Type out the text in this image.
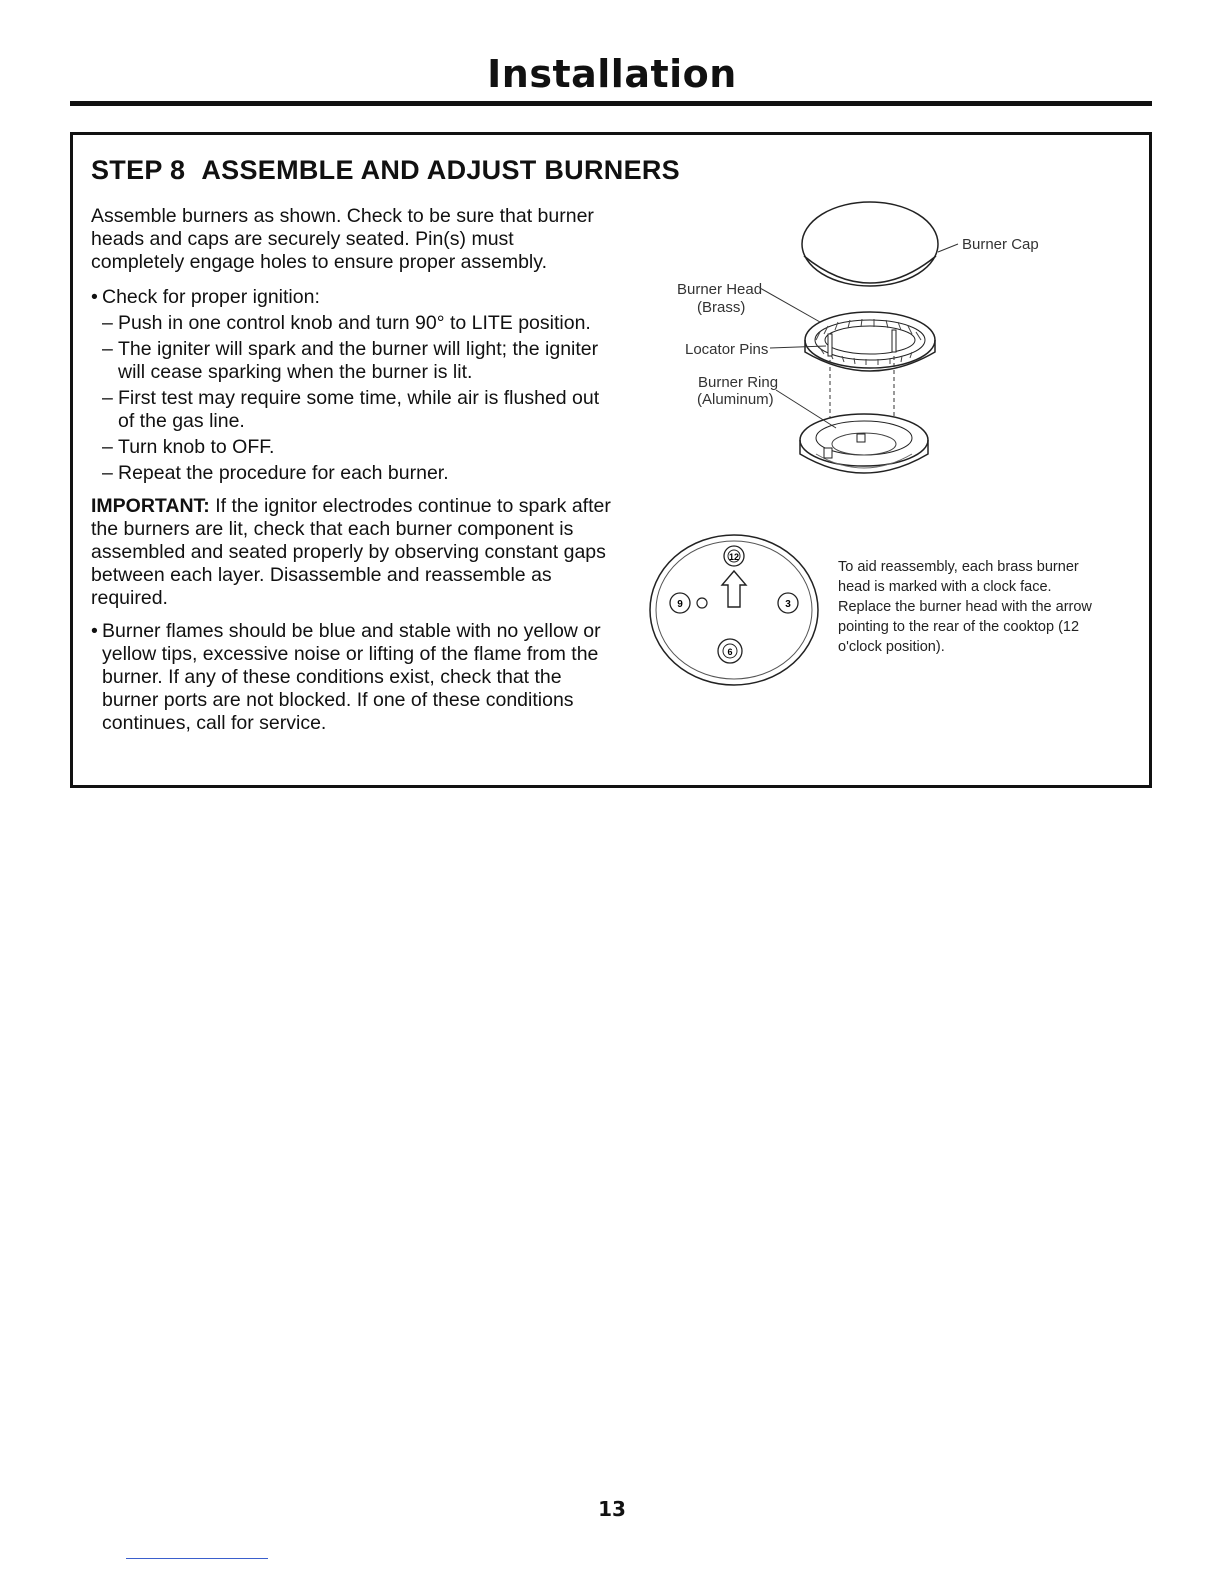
Installation
STEP 8 ASSEMBLE AND ADJUST BURNERS

Assemble burners as shown. Check to be sure that burner heads and caps are securely seated. Pin(s) must completely engage holes to ensure proper assembly.

• Check for proper ignition:
– Push in one control knob and turn 90° to LITE position.
– The igniter will spark and the burner will light; the igniter will cease sparking when the burner is lit.
– First test may require some time, while air is flushed out of the gas line.
– Turn knob to OFF.
– Repeat the procedure for each burner.

IMPORTANT: If the ignitor electrodes continue to spark after the burners are lit, check that each burner component is assembled and seated properly by observing constant gaps between each layer. Disassemble and reassemble as required.

• Burner flames should be blue and stable with no yellow or yellow tips, excessive noise or lifting of the flame from the burner. If any of these conditions exist, check that the burner ports are not blocked. If one of these conditions continues, call for service.
Burner Cap
Burner Head
(Brass)
Locator Pins
Burner Ring
(Aluminum)
12
3
9
6
To aid reassembly, each brass burner head is marked with a clock face. Replace the burner head with the arrow pointing to the rear of the cooktop (12 o'clock position).
13
